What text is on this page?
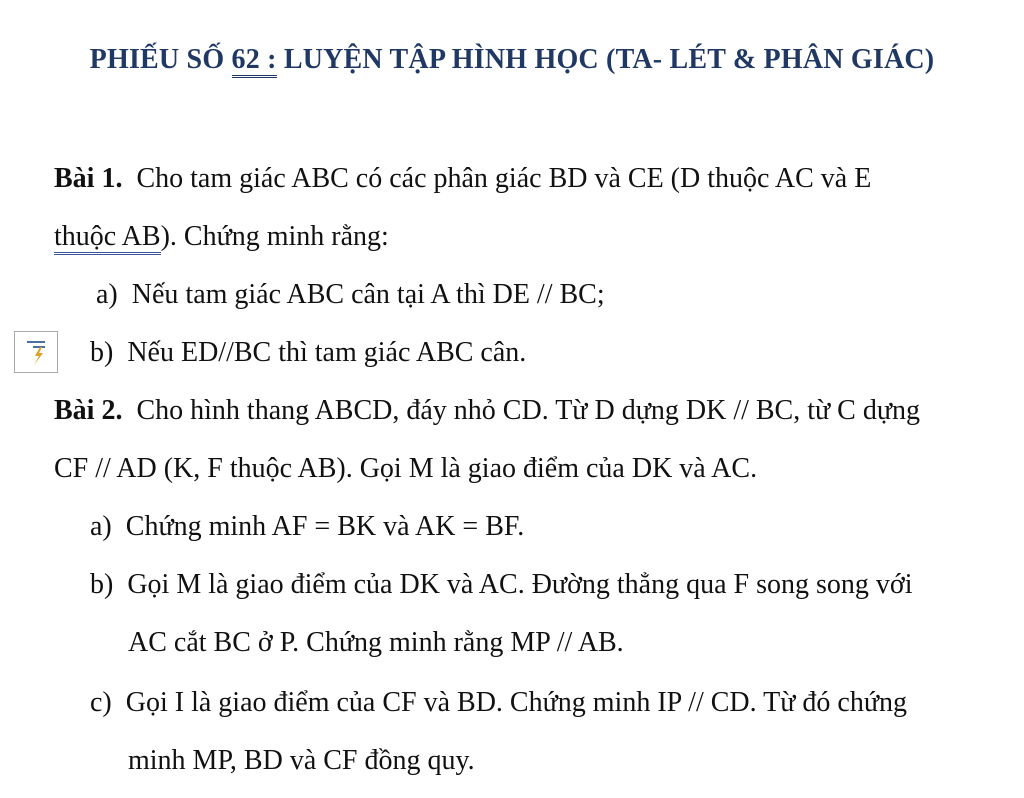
PHIẾU SỐ 62 : LUYỆN TẬP HÌNH HỌC (TA- LÉT & PHÂN GIÁC)
Bài 1. Cho tam giác ABC có các phân giác BD và CE (D thuộc AC và E
thuộc AB). Chứng minh rằng:
a) Nếu tam giác ABC cân tại A thì DE // BC;
b) Nếu ED//BC thì tam giác ABC cân.
Bài 2. Cho hình thang ABCD, đáy nhỏ CD. Từ D dựng DK // BC, từ C dựng
CF // AD (K, F thuộc AB). Gọi M là giao điểm của DK và AC.
a) Chứng minh AF = BK và AK = BF.
b) Gọi M là giao điểm của DK và AC. Đường thẳng qua F song song với
AC cắt BC ở P. Chứng minh rằng MP // AB.
c) Gọi I là giao điểm của CF và BD. Chứng minh IP // CD. Từ đó chứng
minh MP, BD và CF đồng quy.
